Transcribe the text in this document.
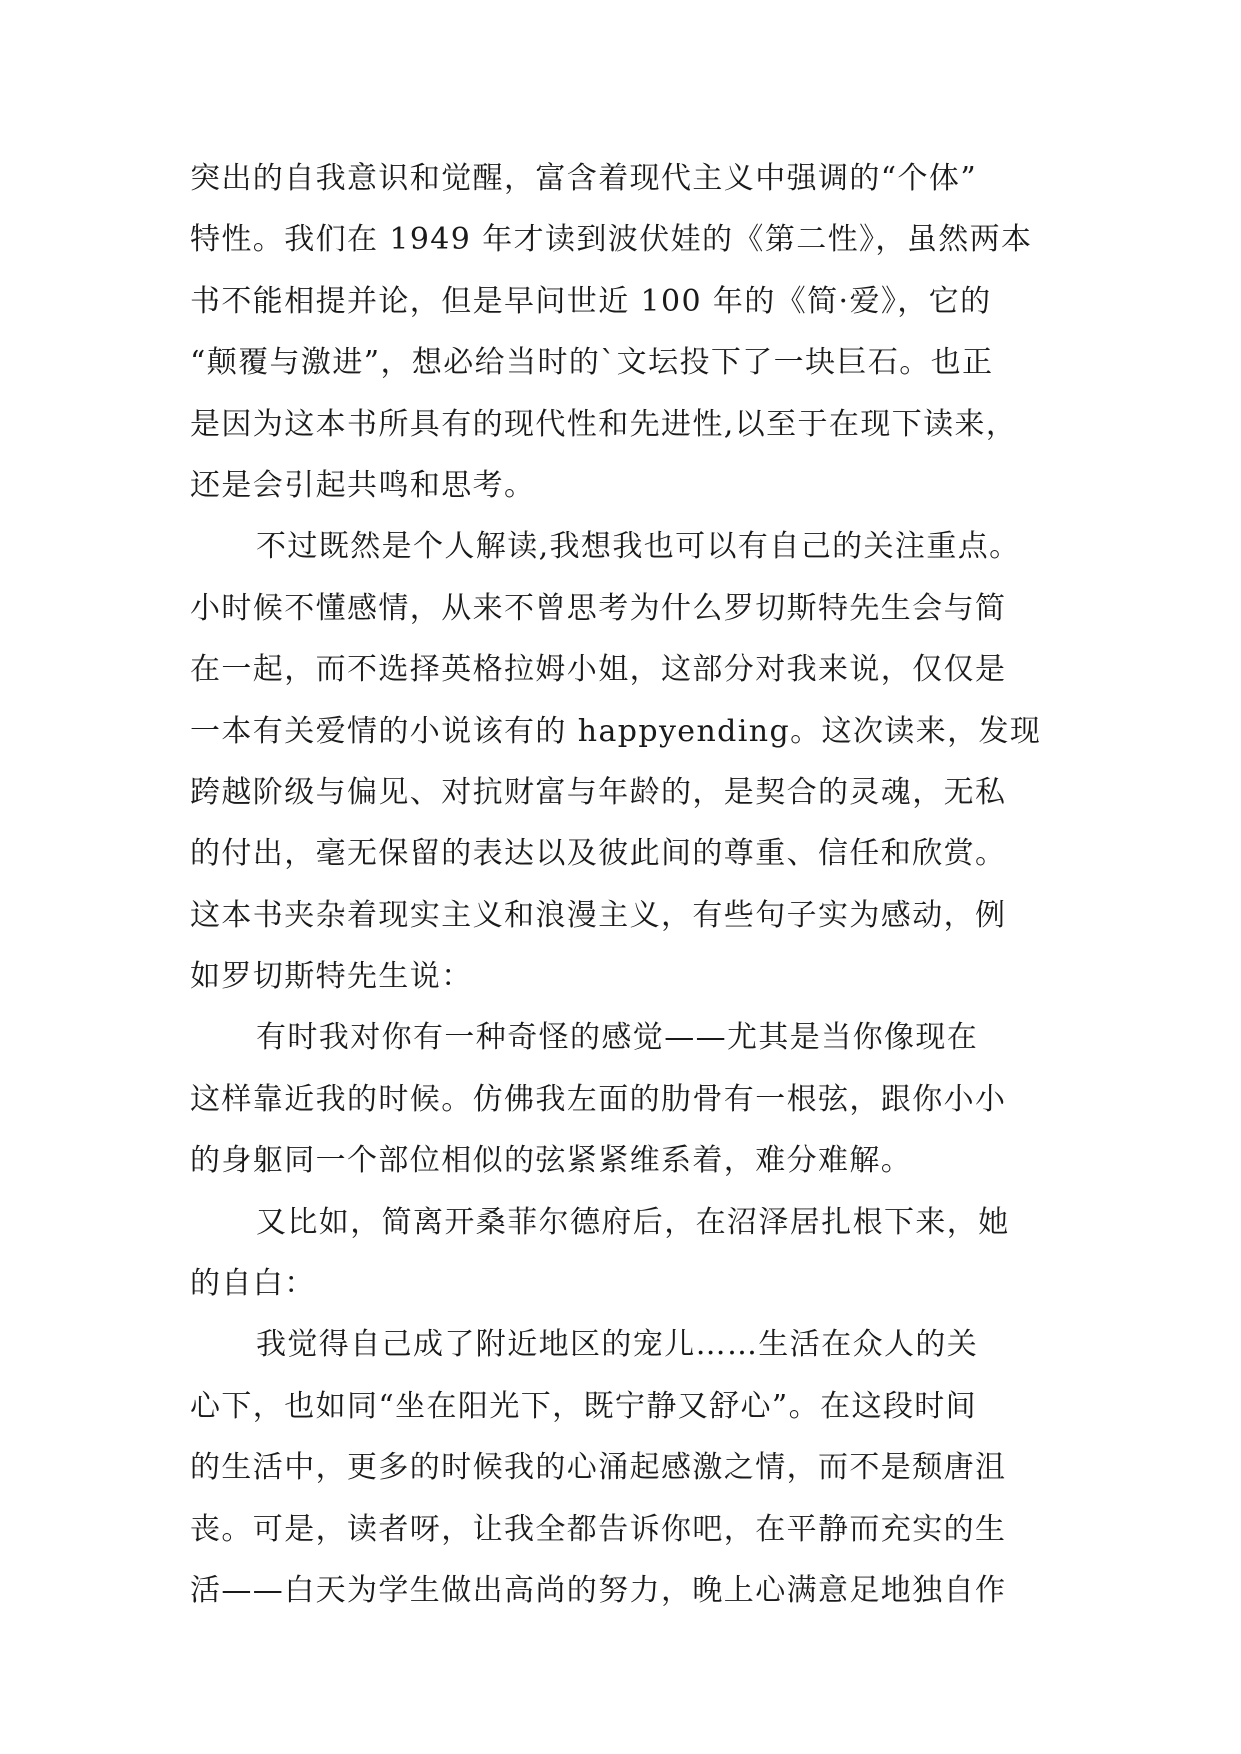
突出的自我意识和觉醒，富含着现代主义中强调的“个体”
特性。我们在 1949 年才读到波伏娃的《第二性》，虽然两本
书不能相提并论，但是早问世近 100 年的《简·爱》，它的
“颠覆与激进”，想必给当时的`文坛投下了一块巨石。也正
是因为这本书所具有的现代性和先进性,以至于在现下读来，
还是会引起共鸣和思考。
不过既然是个人解读,我想我也可以有自己的关注重点。
小时候不懂感情，从来不曾思考为什么罗切斯特先生会与简
在一起，而不选择英格拉姆小姐，这部分对我来说，仅仅是
一本有关爱情的小说该有的 happyending。这次读来，发现
跨越阶级与偏见、对抗财富与年龄的，是契合的灵魂，无私
的付出，毫无保留的表达以及彼此间的尊重、信任和欣赏。
这本书夹杂着现实主义和浪漫主义，有些句子实为感动，例
如罗切斯特先生说：
有时我对你有一种奇怪的感觉——尤其是当你像现在
这样靠近我的时候。仿佛我左面的肋骨有一根弦，跟你小小
的身躯同一个部位相似的弦紧紧维系着，难分难解。
又比如，简离开桑菲尔德府后，在沼泽居扎根下来，她
的自白：
我觉得自己成了附近地区的宠儿……生活在众人的关
心下，也如同“坐在阳光下，既宁静又舒心”。在这段时间
的生活中，更多的时候我的心涌起感激之情，而不是颓唐沮
丧。可是，读者呀，让我全都告诉你吧，在平静而充实的生
活——白天为学生做出高尚的努力，晚上心满意足地独自作
